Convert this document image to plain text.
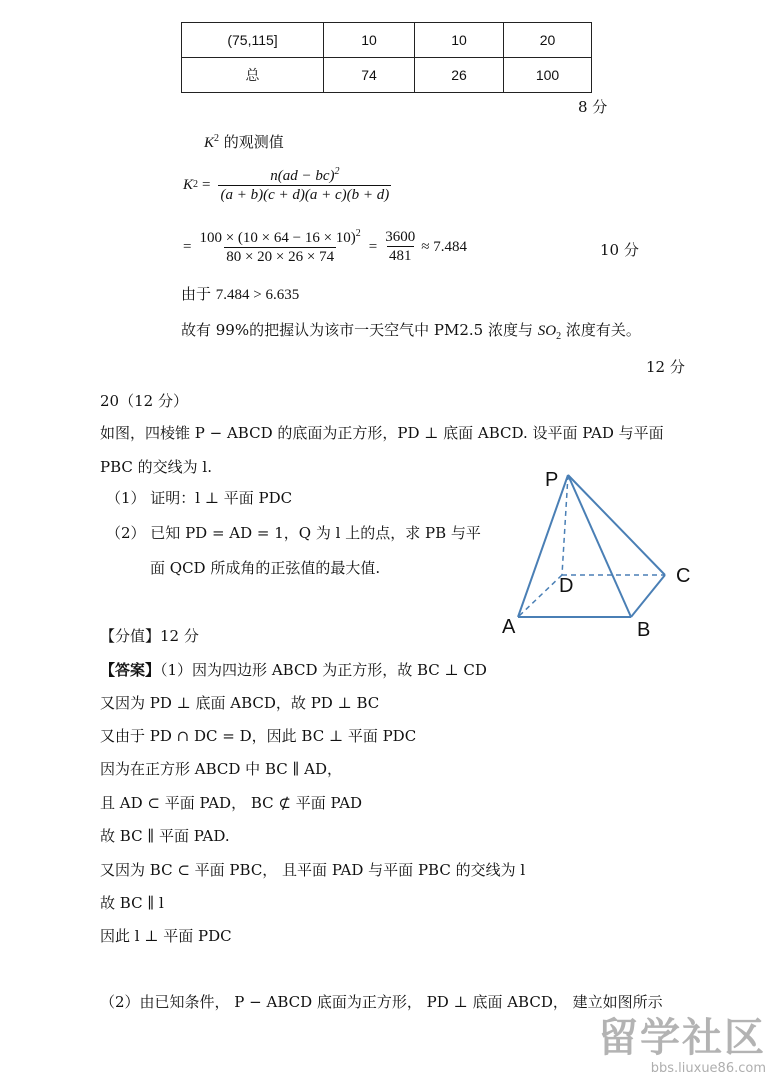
(75,115]	10	10	20
总	74	26	100
8 分
$K^2$ 的观测值
K $2 = \frac{n(ad - bc)^2}{(a + b)(c + d)(a + c)(b + d)}$
= $\frac{100 \times (10 \times 64 - 16 \times 10)^2}{80 \times 20 \times 26 \times 74} = \frac{3600}{481} \approx 7.484$	10 分
由于 7.484 > 6.635
故有 99%的把握认为该市一天空气中 PM2.5 浓度与 $SO_2$ 浓度有关。
12 分
20（12 分）
如图，四棱锥 P − ABCD 的底面为正方形，PD ⊥ 底面 ABCD. 设平面 PAD 与平面
PBC 的交线为 l.
（1） 证明：l ⊥ 平面 PDC
（2） 已知 PD = AD = 1，Q 为 l 上的点，求 PB 与平
面 QCD 所成角的正弦值的最大值.
P
D	C
A	B
【分值】12 分
【答案】（1）因为四边形 ABCD 为正方形，故 BC ⊥ CD
又因为 PD ⊥ 底面 ABCD，故 PD ⊥ BC
又由于 PD ∩ DC = D，因此 BC ⊥ 平面 PDC
因为在正方形 ABCD 中 BC ∥ AD，
且 AD ⊂ 平面 PAD， BC ⊄ 平面 PAD
故 BC ∥ 平面 PAD.
又因为 BC ⊂ 平面 PBC， 且平面 PAD 与平面 PBC 的交线为 l
故 BC ∥ l
因此 l ⊥ 平面 PDC
（2）由已知条件， P − ABCD 底面为正方形， PD ⊥ 底面 ABCD， 建立如图所示
留学社区
bbs.liuxue86.com
